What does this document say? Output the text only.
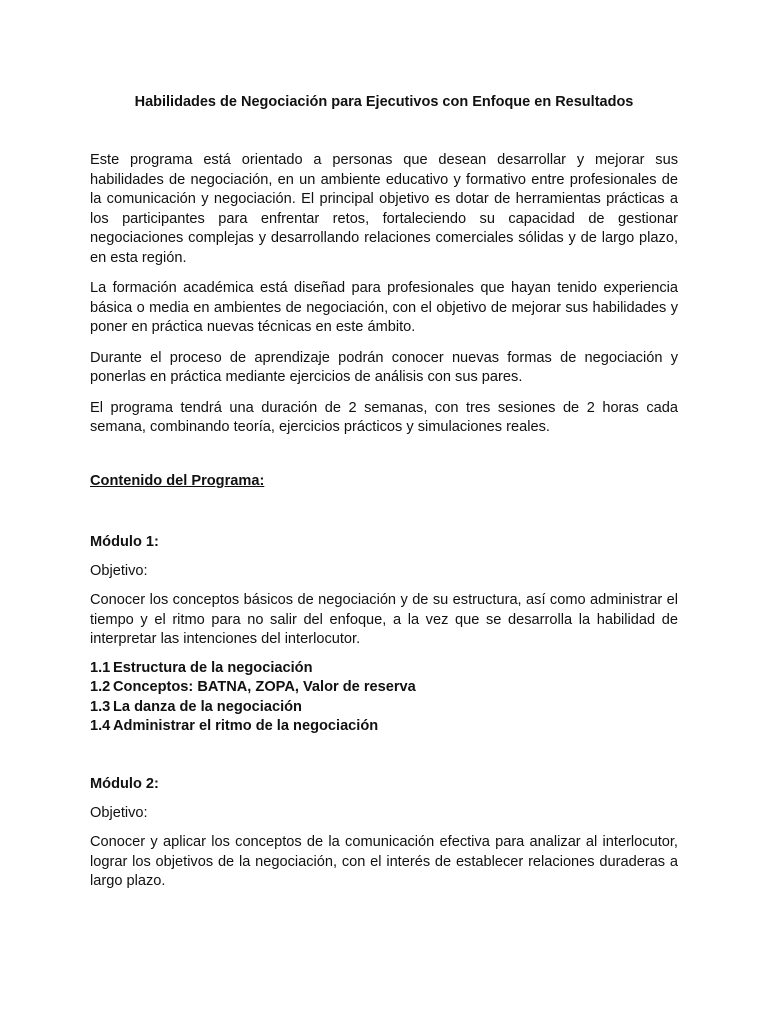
Habilidades de Negociación para Ejecutivos con Enfoque en Resultados

Este programa está orientado a personas que desean desarrollar y mejorar sus habilidades de negociación, en un ambiente educativo y formativo entre profesionales de la comunicación y negociación. El principal objetivo es dotar de herramientas prácticas a los participantes para enfrentar retos, fortaleciendo su capacidad de gestionar negociaciones complejas y desarrollando relaciones comerciales sólidas y de largo plazo, en esta región.

La formación académica está diseñad para profesionales que hayan tenido experiencia básica o media en ambientes de negociación, con el objetivo de mejorar sus habilidades y poner en práctica nuevas técnicas en este ámbito.

Durante el proceso de aprendizaje podrán conocer nuevas formas de negociación y ponerlas en práctica mediante ejercicios de análisis con sus pares.

El programa tendrá una duración de 2 semanas, con tres sesiones de 2 horas cada semana, combinando teoría, ejercicios prácticos y simulaciones reales.

Contenido del Programa:
Módulo 1:

Objetivo:

Conocer los conceptos básicos de negociación y de su estructura, así como administrar el tiempo y el ritmo para no salir del enfoque, a la vez que se desarrolla la habilidad de interpretar las intenciones del interlocutor.

1.1 Estructura de la negociación
1.2 Conceptos: BATNA, ZOPA, Valor de reserva
1.3 La danza de la negociación
1.4 Administrar el ritmo de la negociación
Módulo 2:

Objetivo:

Conocer y aplicar los conceptos de la comunicación efectiva para analizar al interlocutor, lograr los objetivos de la negociación, con el interés de establecer relaciones duraderas a largo plazo.
